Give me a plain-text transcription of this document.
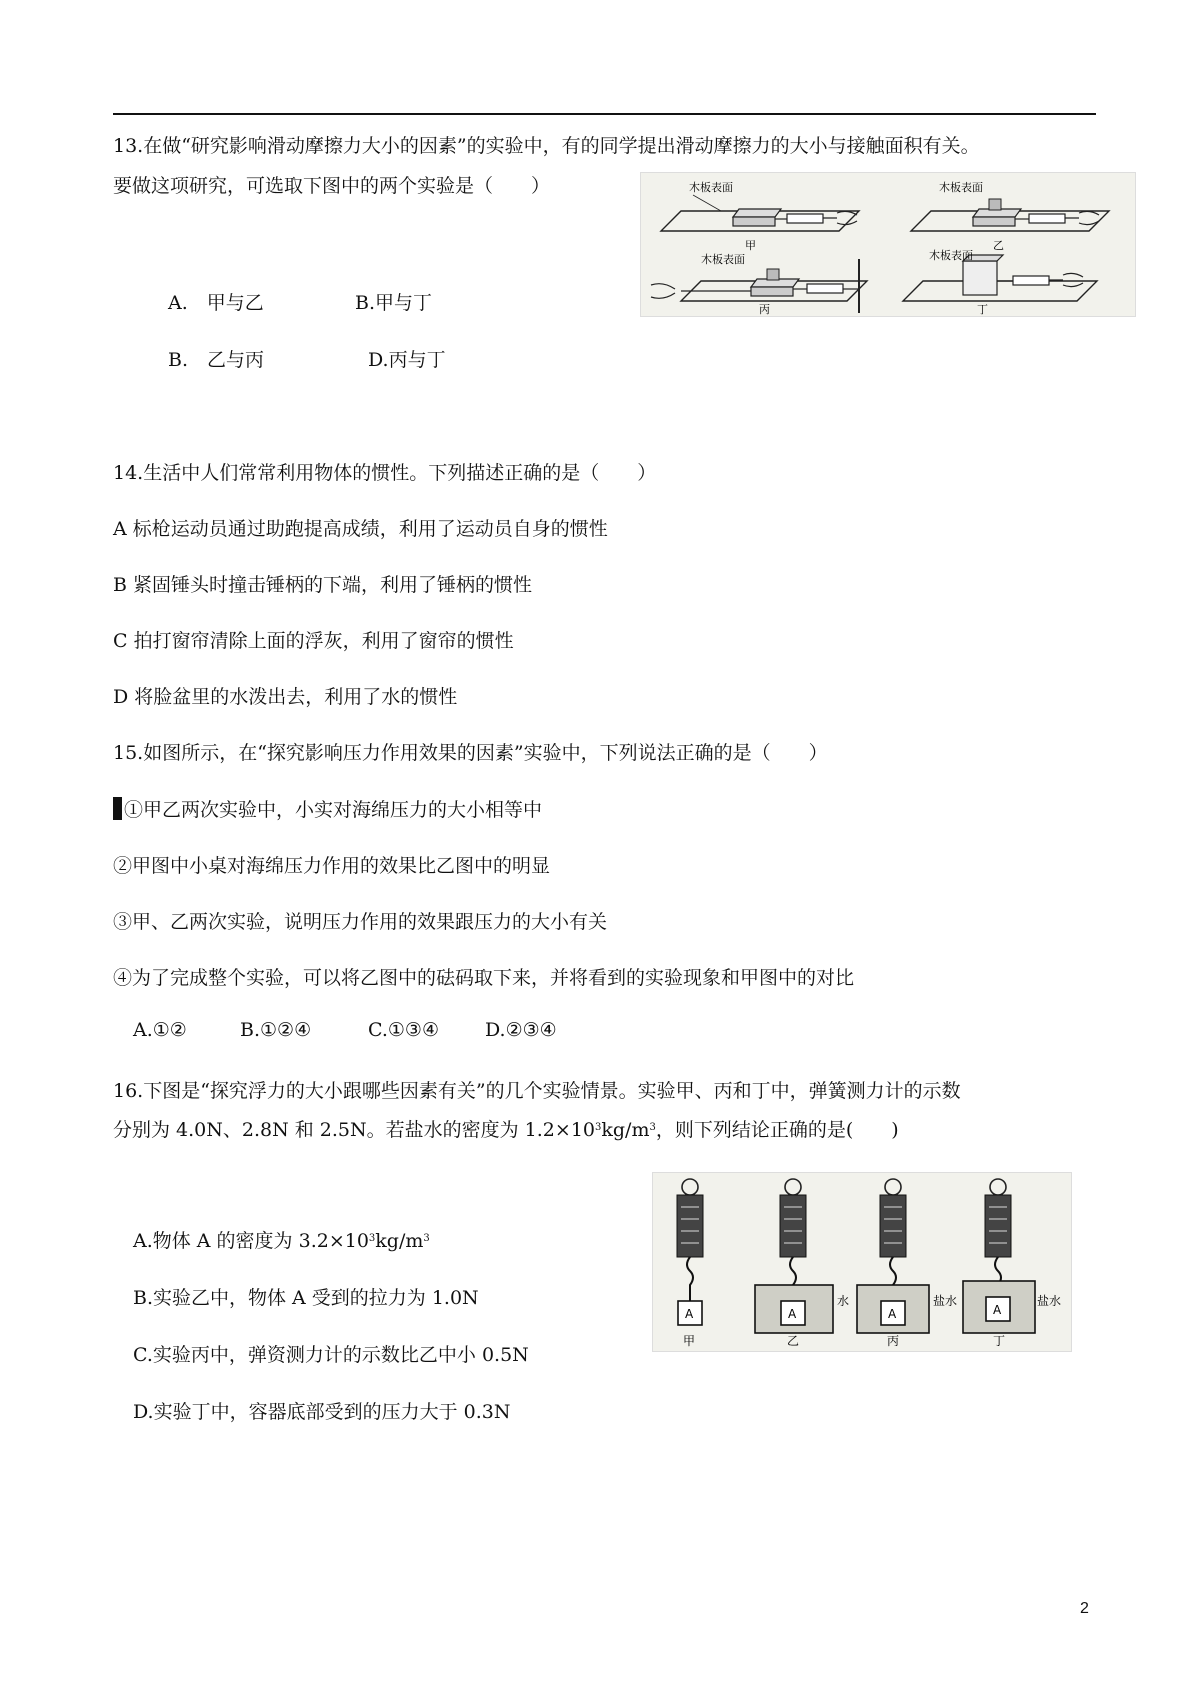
13.在做“研究影响滑动摩擦力大小的因素”的实验中，有的同学提出滑动摩擦力的大小与接触面积有关。
要做这项研究，可选取下图中的两个实验是（　　）
A.　甲与乙	B.甲与丁
B.　乙与丙	D.丙与丁
木板表面
甲
木板表面
乙
木板表面
丙
木板表面
丁
14.生活中人们常常利用物体的惯性。下列描述正确的是（　　）
A 标枪运动员通过助跑提高成绩，利用了运动员自身的惯性
B 紧固锤头时撞击锤柄的下端，利用了锤柄的惯性
C 拍打窗帘清除上面的浮灰，利用了窗帘的惯性
D 将脸盆里的水泼出去，利用了水的惯性
15.如图所示，在“探究影响压力作用效果的因素”实验中，下列说法正确的是（　　）
①甲乙两次实验中，小实对海绵压力的大小相等中
②甲图中小桌对海绵压力作用的效果比乙图中的明显
③甲、乙两次实验，说明压力作用的效果跟压力的大小有关
④为了完成整个实验，可以将乙图中的砝码取下来，并将看到的实验现象和甲图中的对比
A.①②	B.①②④	C.①③④ D.②③④
16.下图是“探究浮力的大小跟哪些因素有关”的几个实验情景。实验甲、丙和丁中，弹簧测力计的示数
分别为 4.0N、2.8N 和 2.5N。若盐水的密度为 $1.2\times 10^3kg/m^3$，则下列结论正确的是(　　)
A.物体 A 的密度为 $3.2\times 10^3kg/m^3$
B.实验乙中，物体 A 受到的拉力为 1.0N
C.实验丙中，弹资测力计的示数比乙中小 0.5N
D.实验丁中，容器底部受到的压力大于 0.3N
A
甲
A
水
乙
A
盐水
丙
A
盐水
丁
2
